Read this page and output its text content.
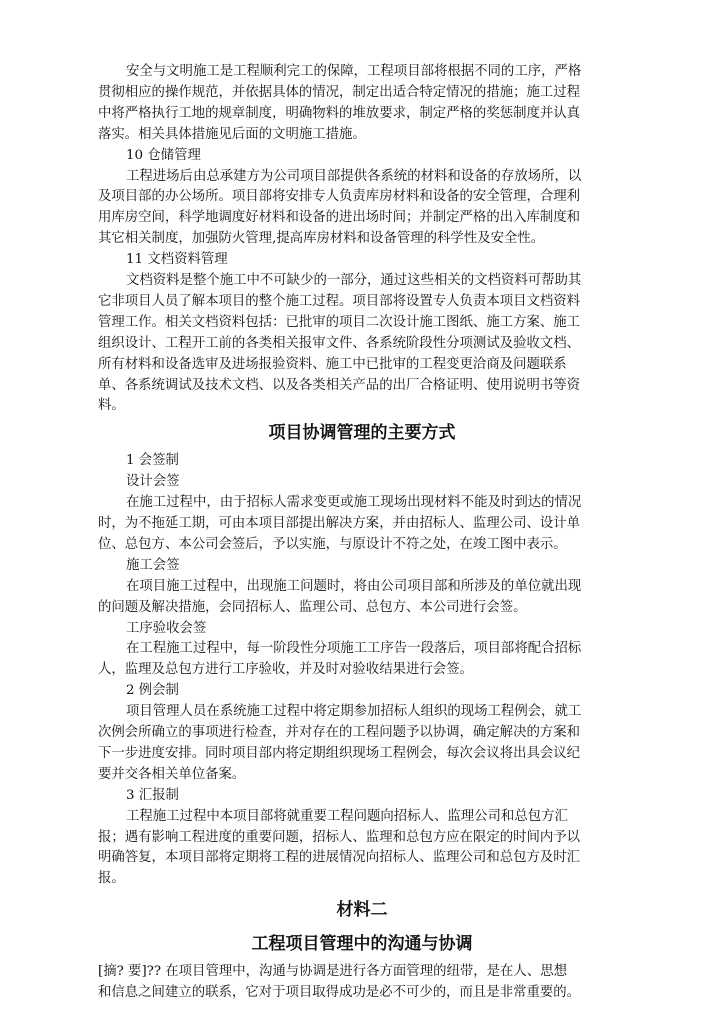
安全与文明施工是工程顺利完工的保障，工程项目部将根据不同的工序，严格

贯彻相应的操作规范，并依据具体的情况，制定出适合特定情况的措施；施工过程

中将严格执行工地的规章制度，明确物料的堆放要求，制定严格的奖惩制度并认真

落实。相关具体措施见后面的文明施工措施。

10 仓储管理

工程进场后由总承建方为公司项目部提供各系统的材料和设备的存放场所，以

及项目部的办公场所。项目部将安排专人负责库房材料和设备的安全管理，合理利

用库房空间，科学地调度好材料和设备的进出场时间；并制定严格的出入库制度和

其它相关制度，加强防火管理,提高库房材料和设备管理的科学性及安全性。

11 文档资料管理

文档资料是整个施工中不可缺少的一部分，通过这些相关的文档资料可帮助其

它非项目人员了解本项目的整个施工过程。项目部将设置专人负责本项目文档资料

管理工作。相关文档资料包括：已批审的项目二次设计施工图纸、施工方案、施工

组织设计、工程开工前的各类相关报审文件、各系统阶段性分项测试及验收文档、

所有材料和设备选审及进场报验资料、施工中已批审的工程变更洽商及问题联系

单、各系统调试及技术文档、以及各类相关产品的出厂合格证明、使用说明书等资

料。

项目协调管理的主要方式

1 会签制

设计会签

在施工过程中，由于招标人需求变更或施工现场出现材料不能及时到达的情况

时，为不拖延工期，可由本项目部提出解决方案，并由招标人、监理公司、设计单

位、总包方、本公司会签后，予以实施，与原设计不符之处，在竣工图中表示。

施工会签

在项目施工过程中，出现施工问题时，将由公司项目部和所涉及的单位就出现

的问题及解决措施，会同招标人、监理公司、总包方、本公司进行会签。

工序验收会签

在工程施工过程中，每一阶段性分项施工工序告一段落后，项目部将配合招标

人，监理及总包方进行工序验收，并及时对验收结果进行会签。

2 例会制

项目管理人员在系统施工过程中将定期参加招标人组织的现场工程例会，就工

次例会所确立的事项进行检查，并对存在的工程问题予以协调，确定解决的方案和

下一步进度安排。同时项目部内将定期组织现场工程例会，每次会议将出具会议纪

要并交各相关单位备案。

3 汇报制

工程施工过程中本项目部将就重要工程问题向招标人、监理公司和总包方汇

报；遇有影响工程进度的重要问题，招标人、监理和总包方应在限定的时间内予以

明确答复，本项目部将定期将工程的进展情况向招标人、监理公司和总包方及时汇

报。

材料二
工程项目管理中的沟通与协调

[摘? 要]?? 在项目管理中，沟通与协调是进行各方面管理的纽带，是在人、思想

和信息之间建立的联系，它对于项目取得成功是必不可少的，而且是非常重要的。
